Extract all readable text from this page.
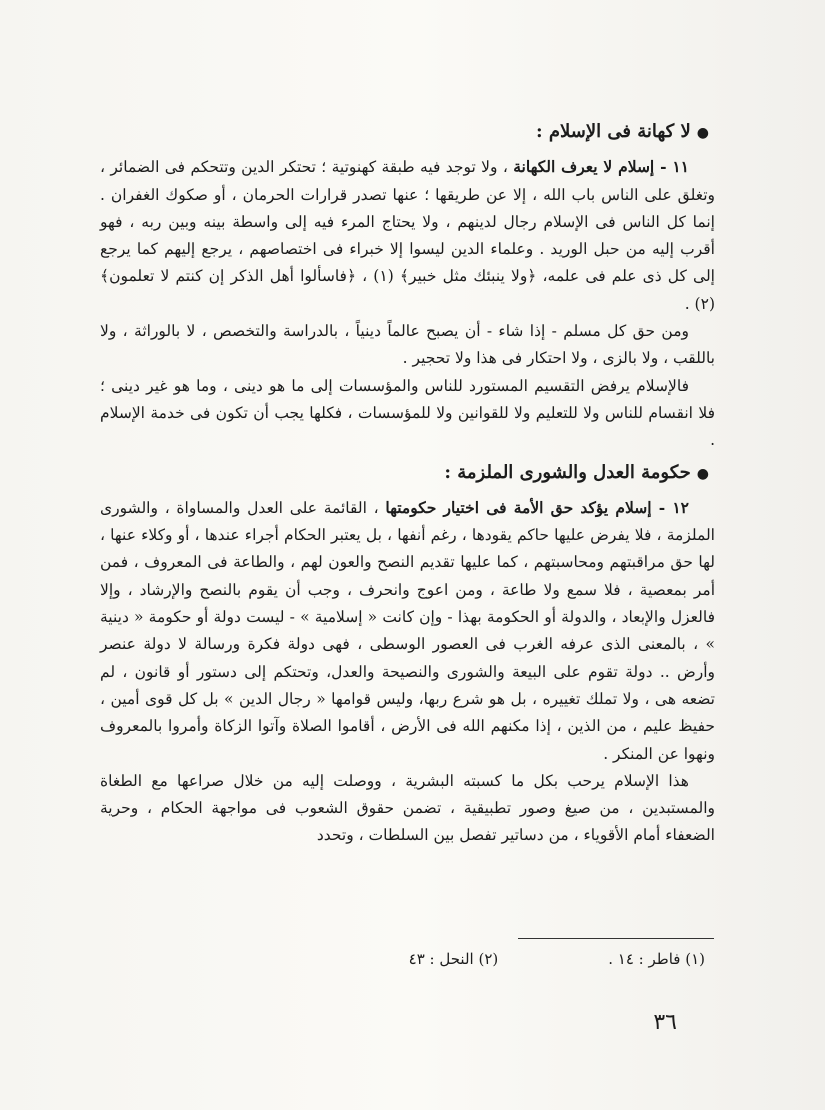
●لا كهانة فى الإسلام :

١١ - إسلام لا يعرف الكهانة ، ولا توجد فيه طبقة كهنوتية ؛ تحتكر الدين وتتحكم فى الضمائر ، وتغلق على الناس باب الله ، إلا عن طريقها ؛ عنها تصدر قرارات الحرمان ، أو صكوك الغفران . إنما كل الناس فى الإسلام رجال لدينهم ، ولا يحتاج المرء فيه إلى واسطة بينه وبين ربه ، فهو أقرب إليه من حبل الوريد . وعلماء الدين ليسوا إلا خبراء فى اختصاصهم ، يرجع إليهم كما يرجع إلى كل ذى علم فى علمه، ﴿ولا ينبئك مثل خبير﴾ (١) ، ﴿فاسألوا أهل الذكر إن كنتم لا تعلمون﴾ (٢) .

ومن حق كل مسلم - إذا شاء - أن يصبح عالماً دينياً ، بالدراسة والتخصص ، لا بالوراثة ، ولا باللقب ، ولا بالزى ، ولا احتكار فى هذا ولا تحجير .

فالإسلام يرفض التقسيم المستورد للناس والمؤسسات إلى ما هو دينى ، وما هو غير دينى ؛ فلا انقسام للناس ولا للتعليم ولا للقوانين ولا للمؤسسات ، فكلها يجب أن تكون فى خدمة الإسلام .

●حكومة العدل والشورى الملزمة :

١٢ - إسلام يؤكد حق الأمة فى اختيار حكومتها ، القائمة على العدل والمساواة ، والشورى الملزمة ، فلا يفرض عليها حاكم يقودها ، رغم أنفها ، بل يعتبر الحكام أجراء عندها ، أو وكلاء عنها ، لها حق مراقبتهم ومحاسبتهم ، كما عليها تقديم النصح والعون لهم ، والطاعة فى المعروف ، فمن أمر بمعصية ، فلا سمع ولا طاعة ، ومن اعوج وانحرف ، وجب أن يقوم بالنصح والإرشاد ، وإلا فالعزل والإبعاد ، والدولة أو الحكومة بهذا - وإن كانت « إسلامية » - ليست دولة أو حكومة « دينية » ، بالمعنى الذى عرفه الغرب فى العصور الوسطى ، فهى دولة فكرة ورسالة لا دولة عنصر وأرض .. دولة تقوم على البيعة والشورى والنصيحة والعدل، وتحتكم إلى دستور أو قانون ، لم تضعه هى ، ولا تملك تغييره ، بل هو شرع ربها، وليس قوامها « رجال الدين » بل كل قوى أمين ، حفيظ عليم ، من الذين ، إذا مكنهم الله فى الأرض ، أقاموا الصلاة وآتوا الزكاة وأمروا بالمعروف ونهوا عن المنكر .

هذا الإسلام يرحب بكل ما كسبته البشرية ، ووصلت إليه من خلال صراعها مع الطغاة والمستبدين ، من صيغ وصور تطبيقية ، تضمن حقوق الشعوب فى مواجهة الحكام ، وحرية الضعفاء أمام الأقوياء ، من دساتير تفصل بين السلطات ، وتحدد

(١) فاطر : ١٤ .
(٢) النحل : ٤٣
٣٦
